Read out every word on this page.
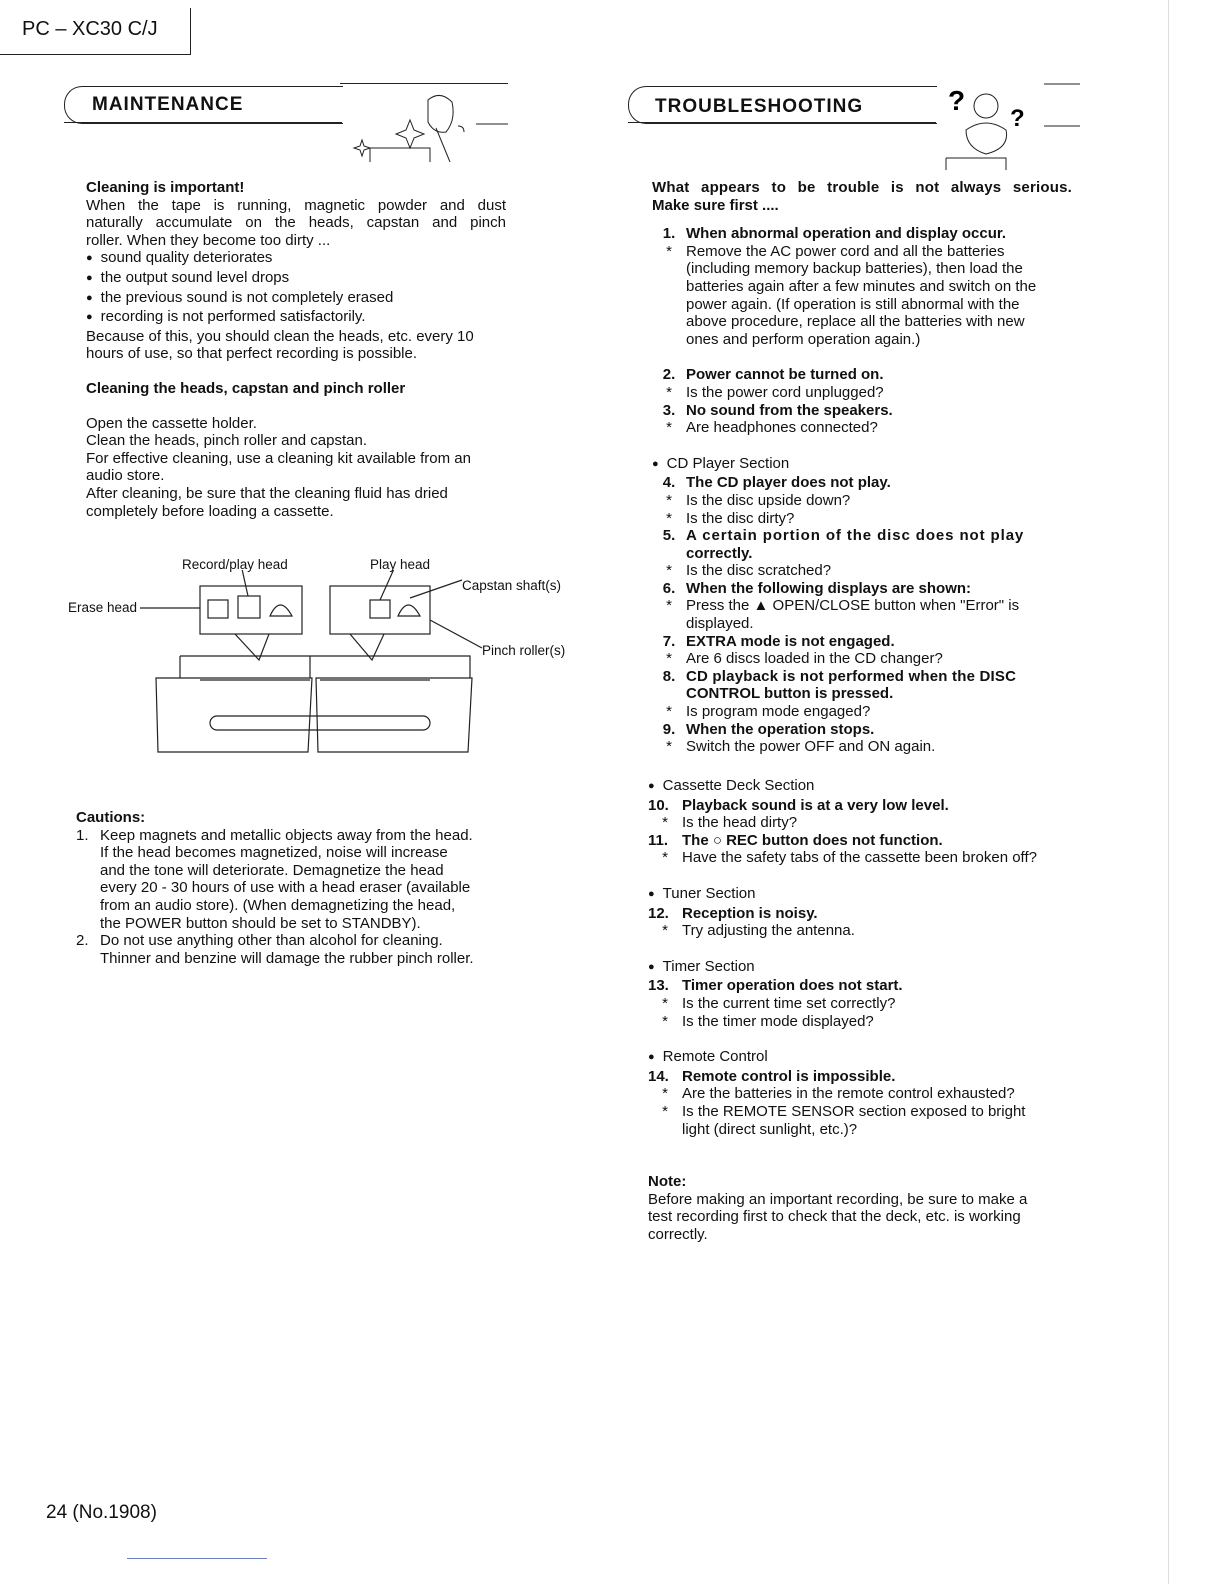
PC – XC30 C/J
MAINTENANCE
Cleaning is important!
When the tape is running, magnetic powder and dust
naturally accumulate on the heads, capstan and pinch
roller. When they become too dirty ...
● sound quality deteriorates
● the output sound level drops
● the previous sound is not completely erased
● recording is not performed satisfactorily.
Because of this, you should clean the heads, etc. every 10
hours of use, so that perfect recording is possible.
Cleaning the heads, capstan and pinch roller
Open the cassette holder.
Clean the heads, pinch roller and capstan.
For effective cleaning, use a cleaning kit available from an
audio store.
After cleaning, be sure that the cleaning fluid has dried
completely before loading a cassette.
Record/play head	Play head
Erase head
Capstan shaft(s)
Pinch roller(s)
Cautions:
1. Keep magnets and metallic objects away from the head.
If the head becomes magnetized, noise will increase
and the tone will deteriorate. Demagnetize the head
every 20 - 30 hours of use with a head eraser (available
from an audio store). (When demagnetizing the head,
the POWER button should be set to STANDBY).
2. Do not use anything other than alcohol for cleaning.
Thinner and benzine will damage the rubber pinch roller.
TROUBLESHOOTING	?
?
What appears to be trouble is not always serious.
Make sure first ....
1. When abnormal operation and display occur.
* Remove the AC power cord and all the batteries
(including memory backup batteries), then load the
batteries again after a few minutes and switch on the
power again. (If operation is still abnormal with the
above procedure, replace all the batteries with new
ones and perform operation again.)
2. Power cannot be turned on.
* Is the power cord unplugged?
3. No sound from the speakers.
* Are headphones connected?
● CD Player Section
4. The CD player does not play.
* Is the disc upside down?
* Is the disc dirty?
5. A certain portion of the disc does not play
correctly.
* Is the disc scratched?
6. When the following displays are shown:
* Press the ▲ OPEN/CLOSE button when "Error" is
displayed.
7. EXTRA mode is not engaged.
* Are 6 discs loaded in the CD changer?
8. CD playback is not performed when the DISC
CONTROL button is pressed.
* Is program mode engaged?
9. When the operation stops.
* Switch the power OFF and ON again.
● Cassette Deck Section
10. Playback sound is at a very low level.
* Is the head dirty?
11. The ○ REC button does not function.
* Have the safety tabs of the cassette been broken off?
● Tuner Section
12. Reception is noisy.
* Try adjusting the antenna.
● Timer Section
13. Timer operation does not start.
* Is the current time set correctly?
* Is the timer mode displayed?
● Remote Control
14. Remote control is impossible.
* Are the batteries in the remote control exhausted?
* Is the REMOTE SENSOR section exposed to bright
light (direct sunlight, etc.)?
Note:
Before making an important recording, be sure to make a
test recording first to check that the deck, etc. is working
correctly.
24 (No.1908)
